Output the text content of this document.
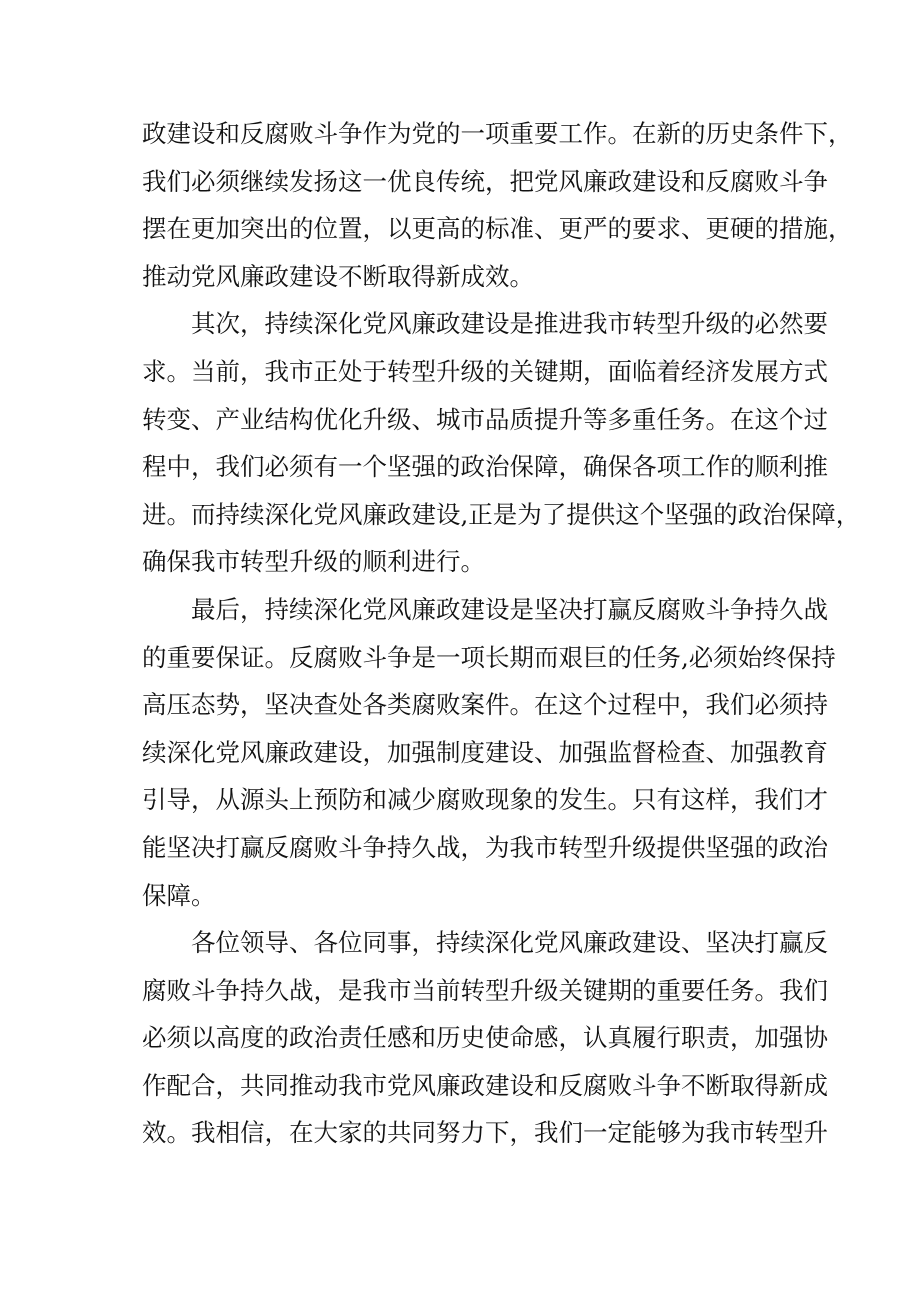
政建设和反腐败斗争作为党的一项重要工作。在新的历史条件下，
我们必须继续发扬这一优良传统，把党风廉政建设和反腐败斗争
摆在更加突出的位置，以更高的标准、更严的要求、更硬的措施，
推动党风廉政建设不断取得新成效。
其次，持续深化党风廉政建设是推进我市转型升级的必然要
求。当前，我市正处于转型升级的关键期，面临着经济发展方式
转变、产业结构优化升级、城市品质提升等多重任务。在这个过
程中，我们必须有一个坚强的政治保障，确保各项工作的顺利推
进。而持续深化党风廉政建设,正是为了提供这个坚强的政治保障，
确保我市转型升级的顺利进行。
最后，持续深化党风廉政建设是坚决打赢反腐败斗争持久战
的重要保证。反腐败斗争是一项长期而艰巨的任务,必须始终保持
高压态势，坚决查处各类腐败案件。在这个过程中，我们必须持
续深化党风廉政建设，加强制度建设、加强监督检查、加强教育
引导，从源头上预防和减少腐败现象的发生。只有这样，我们才
能坚决打赢反腐败斗争持久战，为我市转型升级提供坚强的政治
保障。
各位领导、各位同事，持续深化党风廉政建设、坚决打赢反
腐败斗争持久战，是我市当前转型升级关键期的重要任务。我们
必须以高度的政治责任感和历史使命感，认真履行职责，加强协
作配合，共同推动我市党风廉政建设和反腐败斗争不断取得新成
效。我相信，在大家的共同努力下，我们一定能够为我市转型升
